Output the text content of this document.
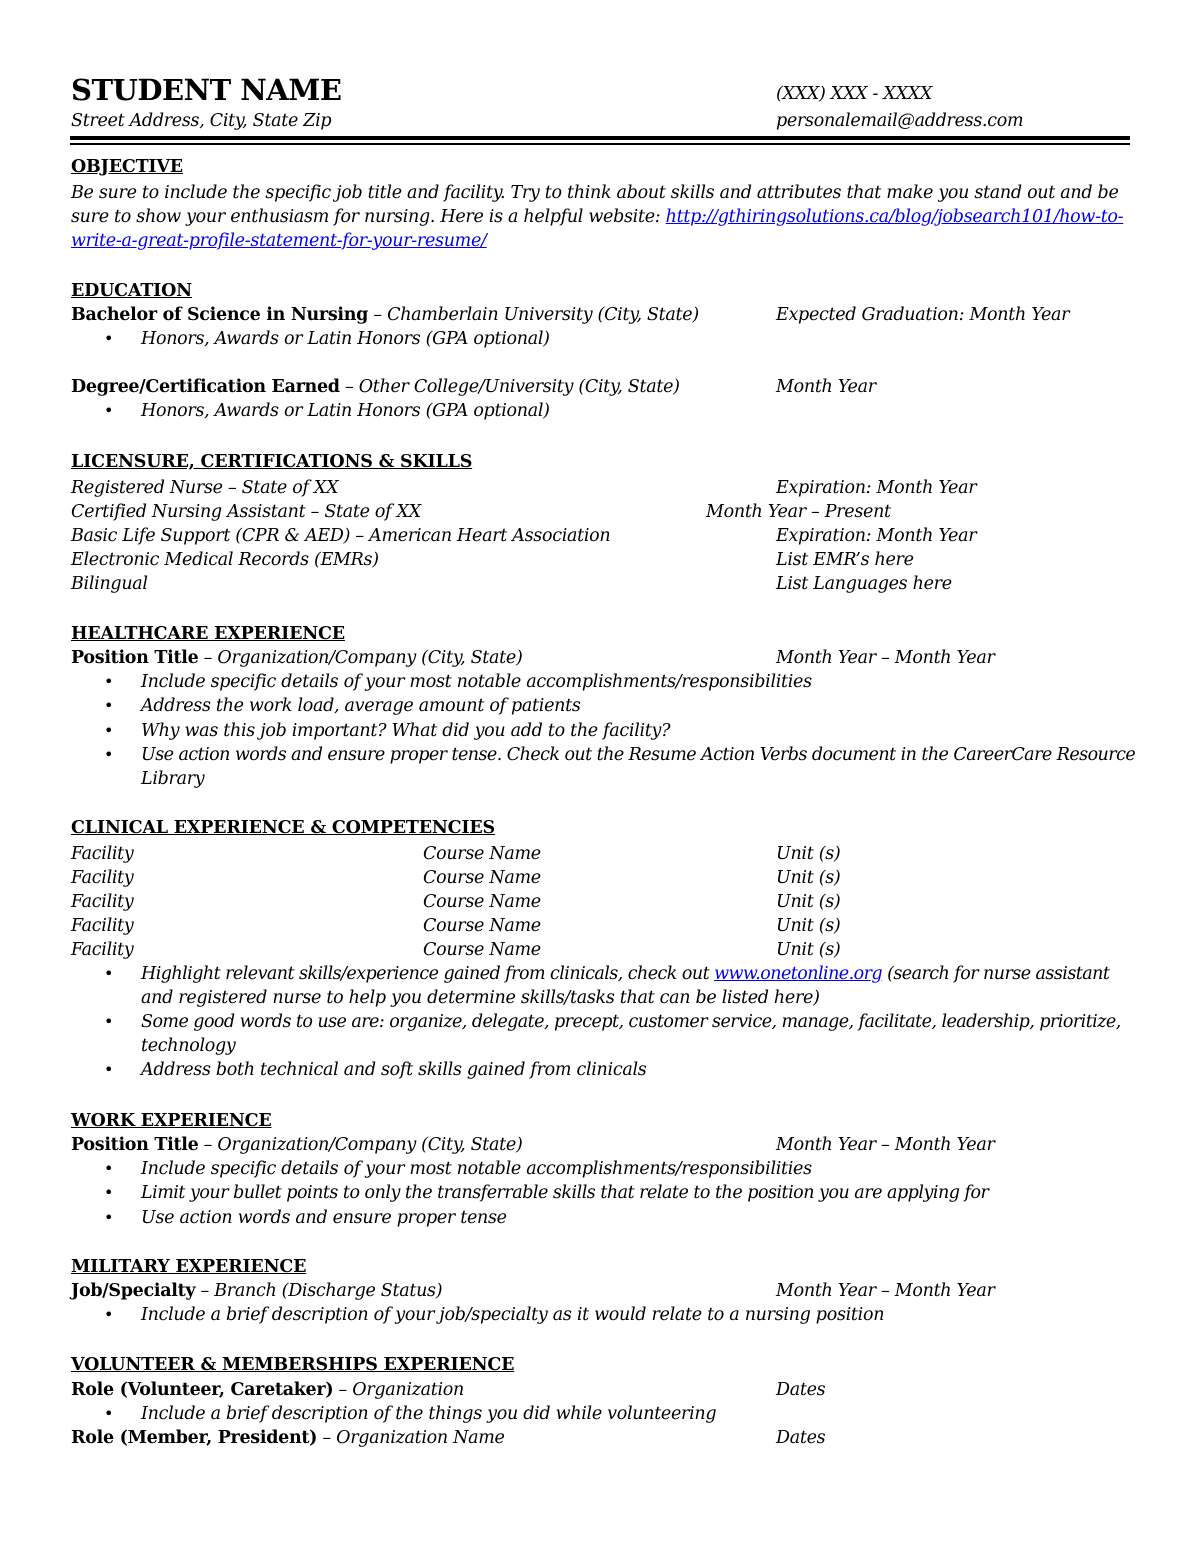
STUDENT NAME	(XXX) XXX - XXXX
Street Address, City, State Zip	personalemail@address.com
OBJECTIVE
Be sure to include the specific job title and facility. Try to think about skills and attributes that make you stand out and be
sure to show your enthusiasm for nursing. Here is a helpful website: http://gthiringsolutions.ca/blog/jobsearch101/how-to-
write-a-great-profile-statement-for-your-resume/
EDUCATION
Bachelor of Science in Nursing – Chamberlain University (City, State)	Expected Graduation: Month Year
• Honors, Awards or Latin Honors (GPA optional)
Degree/Certification Earned – Other College/University (City, State)	Month Year
• Honors, Awards or Latin Honors (GPA optional)
LICENSURE, CERTIFICATIONS & SKILLS
Registered Nurse – State of XX	Expiration: Month Year
Certified Nursing Assistant – State of XX	Month Year – Present
Basic Life Support (CPR & AED) – American Heart Association	Expiration: Month Year
Electronic Medical Records (EMRs)	List EMR’s here
Bilingual	List Languages here
HEALTHCARE EXPERIENCE
Position Title – Organization/Company (City, State)	Month Year – Month Year
• Include specific details of your most notable accomplishments/responsibilities
• Address the work load, average amount of patients
• Why was this job important? What did you add to the facility?
• Use action words and ensure proper tense. Check out the Resume Action Verbs document in the CareerCare Resource
Library
CLINICAL EXPERIENCE & COMPETENCIES
Facility	Course Name	Unit (s)
Facility	Course Name	Unit (s)
Facility	Course Name	Unit (s)
Facility	Course Name	Unit (s)
Facility	Course Name	Unit (s)
• Highlight relevant skills/experience gained from clinicals, check out www.onetonline.org (search for nurse assistant
and registered nurse to help you determine skills/tasks that can be listed here)
• Some good words to use are: organize, delegate, precept, customer service, manage, facilitate, leadership, prioritize,
technology
• Address both technical and soft skills gained from clinicals
WORK EXPERIENCE
Position Title – Organization/Company (City, State)	Month Year – Month Year
• Include specific details of your most notable accomplishments/responsibilities
• Limit your bullet points to only the transferrable skills that relate to the position you are applying for
• Use action words and ensure proper tense
MILITARY EXPERIENCE
Job/Specialty – Branch (Discharge Status)	Month Year – Month Year
• Include a brief description of your job/specialty as it would relate to a nursing position
VOLUNTEER & MEMBERSHIPS EXPERIENCE
Role (Volunteer, Caretaker) – Organization	Dates
• Include a brief description of the things you did while volunteering
Role (Member, President) – Organization Name	Dates
